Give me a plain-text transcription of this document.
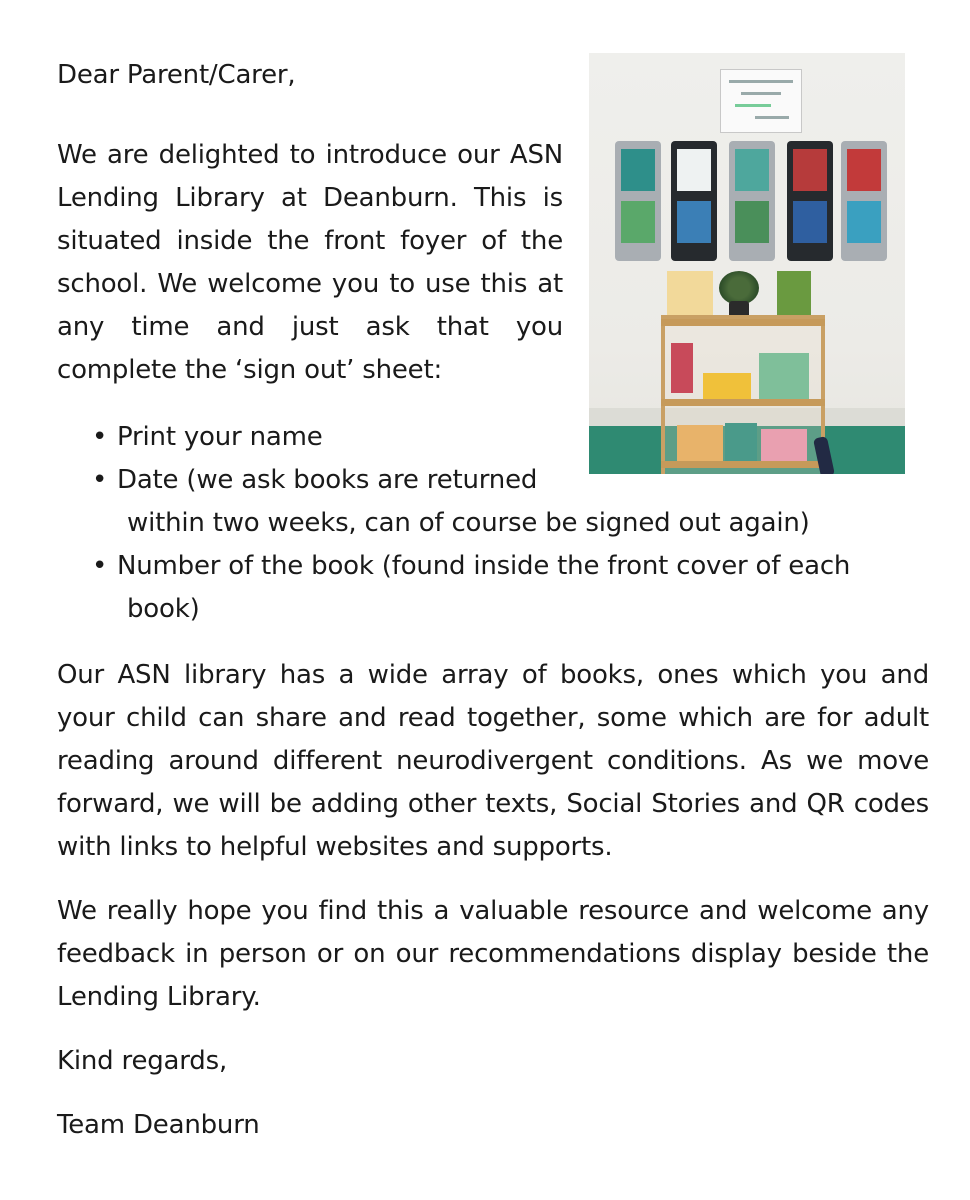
Dear Parent/Carer,

We are delighted to introduce our ASN Lending Library at Deanburn. This is situated inside the front foyer of the school. We welcome you to use this at any time and just ask that you complete the ‘sign out’ sheet:

• Print your name
• Date (we ask books are returned
within two weeks, can of course be signed out again)
• Number of the book (found inside the front cover of each
book)

Our ASN library has a wide array of books, ones which you and your child can share and read together, some which are for adult reading around different neurodivergent conditions. As we move forward, we will be adding other texts, Social Stories and QR codes with links to helpful websites and supports.

We really hope you find this a valuable resource and welcome any feedback in person or on our recommendations display beside the Lending Library.

Kind regards,
Team Deanburn
